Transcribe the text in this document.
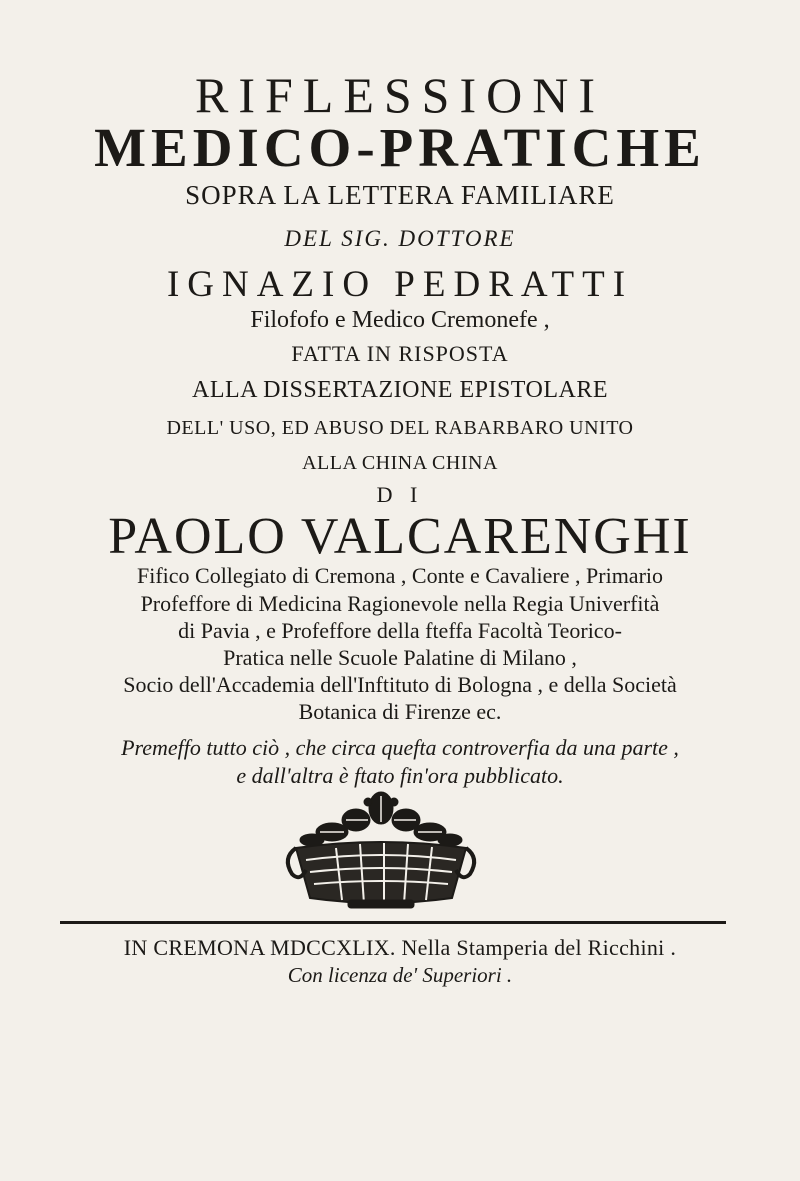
RIFLESSIONI
MEDICO-PRATICHE
SOPRA LA LETTERA FAMILIARE
DEL SIG. DOTTORE
IGNAZIO PEDRATTI
Filofofo e Medico Cremonefe ,
FATTA IN RISPOSTA
ALLA DISSERTAZIONE EPISTOLARE
DELL' USO, ED ABUSO DEL RABARBARO UNITO
ALLA CHINA CHINA
D I
PAOLO VALCARENGHI
Fifico Collegiato di Cremona , Conte e Cavaliere , Primario
Profeffore di Medicina Ragionevole nella Regia Univerfità
di Pavia , e Profeffore della fteffa Facoltà Teorico-
Pratica nelle Scuole Palatine di Milano ,
Socio dell'Accademia dell'Inftituto di Bologna , e della Società
Botanica di Firenze ec.
Premeffo tutto ciò , che circa quefta controverfia da una parte ,
e dall'altra è ftato fin'ora pubblicato.
IN CREMONA MDCCXLIX. Nella Stamperia del Ricchini .
Con licenza de' Superiori .
